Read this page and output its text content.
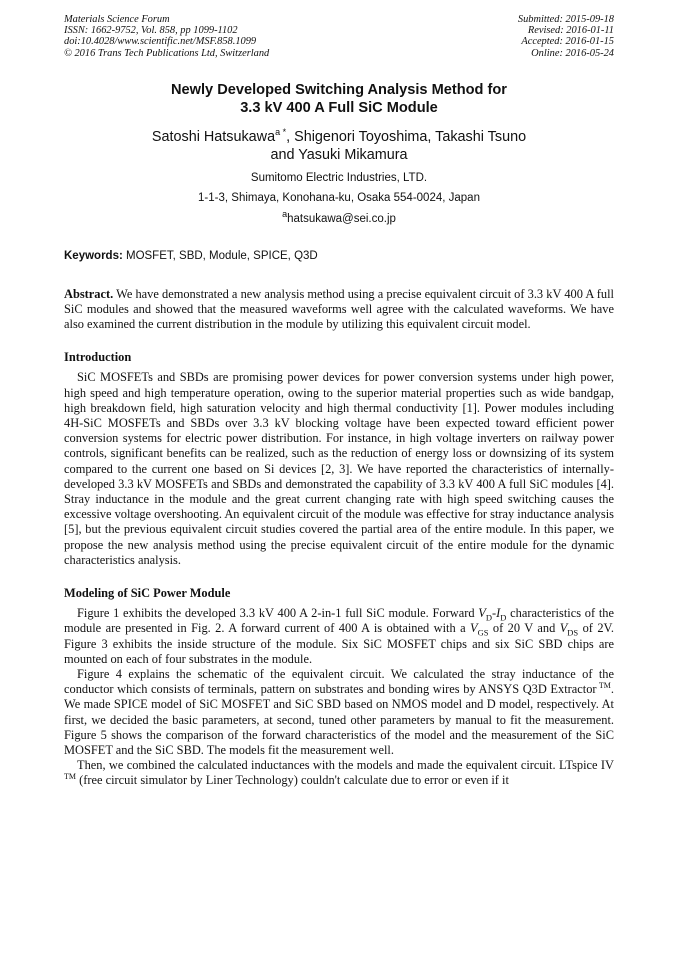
Materials Science Forum
ISSN: 1662-9752, Vol. 858, pp 1099-1102
doi:10.4028/www.scientific.net/MSF.858.1099
© 2016 Trans Tech Publications Ltd, Switzerland
Submitted: 2015-09-18
Revised: 2016-01-11
Accepted: 2016-01-15
Online: 2016-05-24
Newly Developed Switching Analysis Method for
3.3 kV 400 A Full SiC Module
Satoshi Hatsukawa$^{a *}$, Shigenori Toyoshima, Takashi Tsuno
and Yasuki Mikamura
Sumitomo Electric Industries, LTD.
1-1-3, Shimaya, Konohana-ku, Osaka 554-0024, Japan
$^a$hatsukawa@sei.co.jp
Keywords: MOSFET, SBD, Module, SPICE, Q3D

Abstract. We have demonstrated a new analysis method using a precise equivalent circuit of 3.3 kV 400 A full SiC modules and showed that the measured waveforms well agree with the calculated waveforms. We have also examined the current distribution in the module by utilizing this equivalent circuit model.

Introduction

SiC MOSFETs and SBDs are promising power devices for power conversion systems under high power, high speed and high temperature operation, owing to the superior material properties such as wide bandgap, high breakdown field, high saturation velocity and high thermal conductivity [1]. Power modules including 4H-SiC MOSFETs and SBDs over 3.3 kV blocking voltage have been expected toward efficient power conversion systems for electric power distribution. For instance, in high voltage inverters on railway power controls, significant benefits can be realized, such as the reduction of energy loss or downsizing of its system compared to the current one based on Si devices [2, 3]. We have reported the characteristics of internally-developed 3.3 kV MOSFETs and SBDs and demonstrated the capability of 3.3 kV 400 A full SiC modules [4]. Stray inductance in the module and the great current changing rate with high speed switching causes the excessive voltage overshooting. An equivalent circuit of the module was effective for stray inductance analysis [5], but the previous equivalent circuit studies covered the partial area of the entire module. In this paper, we propose the new analysis method using the precise equivalent circuit of the entire module for the dynamic characteristics analysis.

Modeling of SiC Power Module

Figure 1 exhibits the developed 3.3 kV 400 A 2-in-1 full SiC module. Forward $V_D-I_D$ characteristics of the module are presented in Fig. 2. A forward current of 400 A is obtained with a $V_{GS}$ of 20 V and $V_{DS}$ of 2V. Figure 3 exhibits the inside structure of the module. Six SiC MOSFET chips and six SiC SBD chips are mounted on each of four substrates in the module.

Figure 4 explains the schematic of the equivalent circuit. We calculated the stray inductance of the conductor which consists of terminals, pattern on substrates and bonding wires by ANSYS Q3D Extractor ™. We made SPICE model of SiC MOSFET and SiC SBD based on NMOS model and D model, respectively. At first, we decided the basic parameters, at second, tuned other parameters by manual to fit the measurement. Figure 5 shows the comparison of the forward characteristics of the model and the measurement of the SiC MOSFET and the SiC SBD. The models fit the measurement well.

Then, we combined the calculated inductances with the models and made the equivalent circuit. LTspice IV ™ (free circuit simulator by Liner Technology) couldn't calculate due to error or even if it
